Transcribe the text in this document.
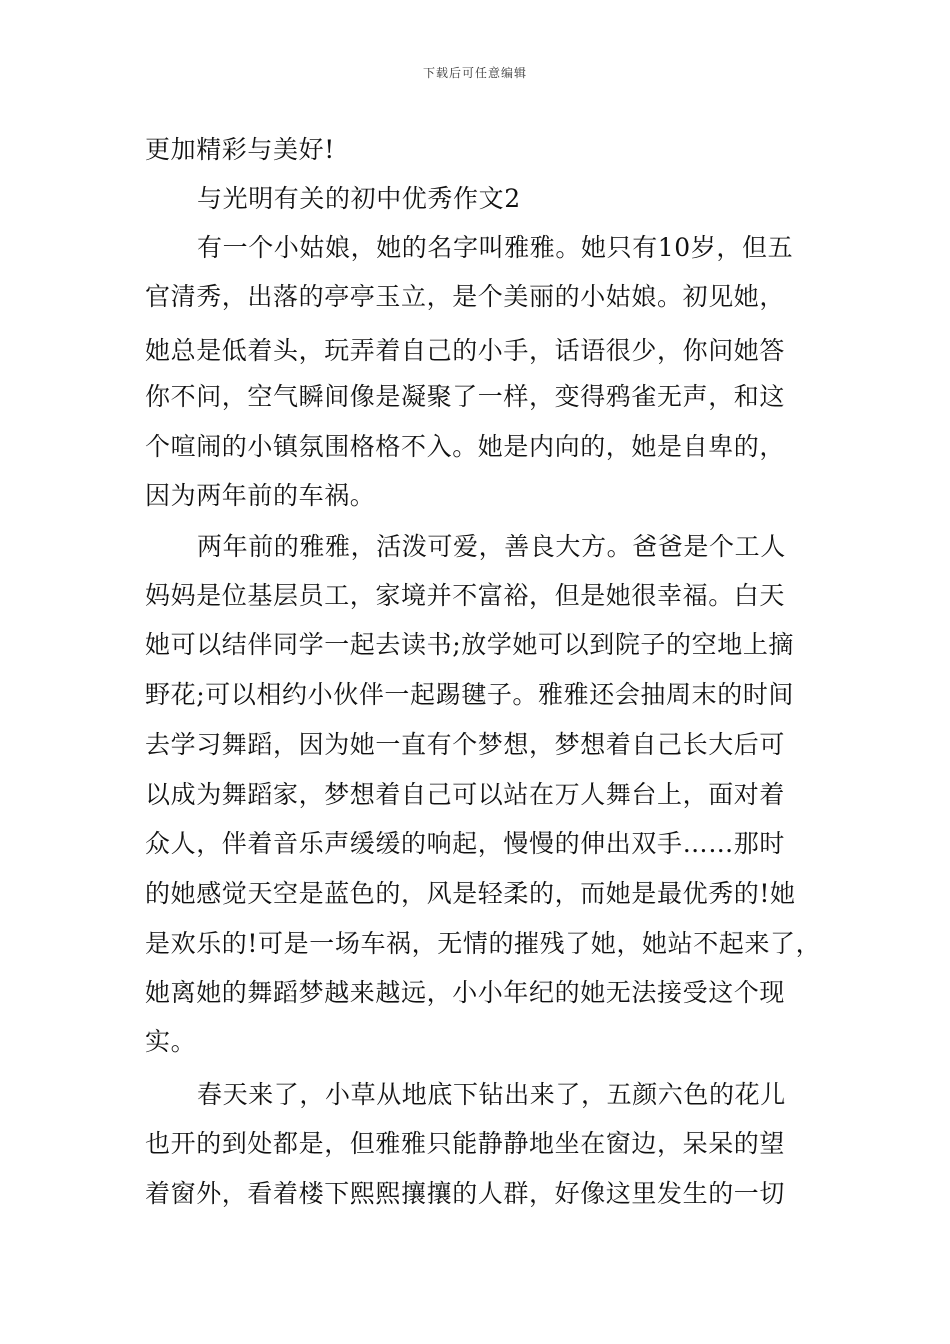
下载后可任意编辑
更加精彩与美好!
与光明有关的初中优秀作文2
有一个小姑娘，她的名字叫雅雅。她只有10岁，但五
官清秀，出落的亭亭玉立，是个美丽的小姑娘。初见她，
她总是低着头，玩弄着自己的小手，话语很少，你问她答
你不问，空气瞬间像是凝聚了一样，变得鸦雀无声，和这
个喧闹的小镇氛围格格不入。她是内向的，她是自卑的，
因为两年前的车祸。
两年前的雅雅，活泼可爱，善良大方。爸爸是个工人
妈妈是位基层员工，家境并不富裕，但是她很幸福。白天
她可以结伴同学一起去读书;放学她可以到院子的空地上摘
野花;可以相约小伙伴一起踢毽子。雅雅还会抽周末的时间
去学习舞蹈，因为她一直有个梦想，梦想着自己长大后可
以成为舞蹈家，梦想着自己可以站在万人舞台上，面对着
众人，伴着音乐声缓缓的响起，慢慢的伸出双手……那时
的她感觉天空是蓝色的，风是轻柔的，而她是最优秀的!她
是欢乐的!可是一场车祸，无情的摧残了她，她站不起来了，
她离她的舞蹈梦越来越远，小小年纪的她无法接受这个现
实。
春天来了，小草从地底下钻出来了，五颜六色的花儿
也开的到处都是，但雅雅只能静静地坐在窗边，呆呆的望
着窗外，看着楼下熙熙攘攘的人群，好像这里发生的一切
